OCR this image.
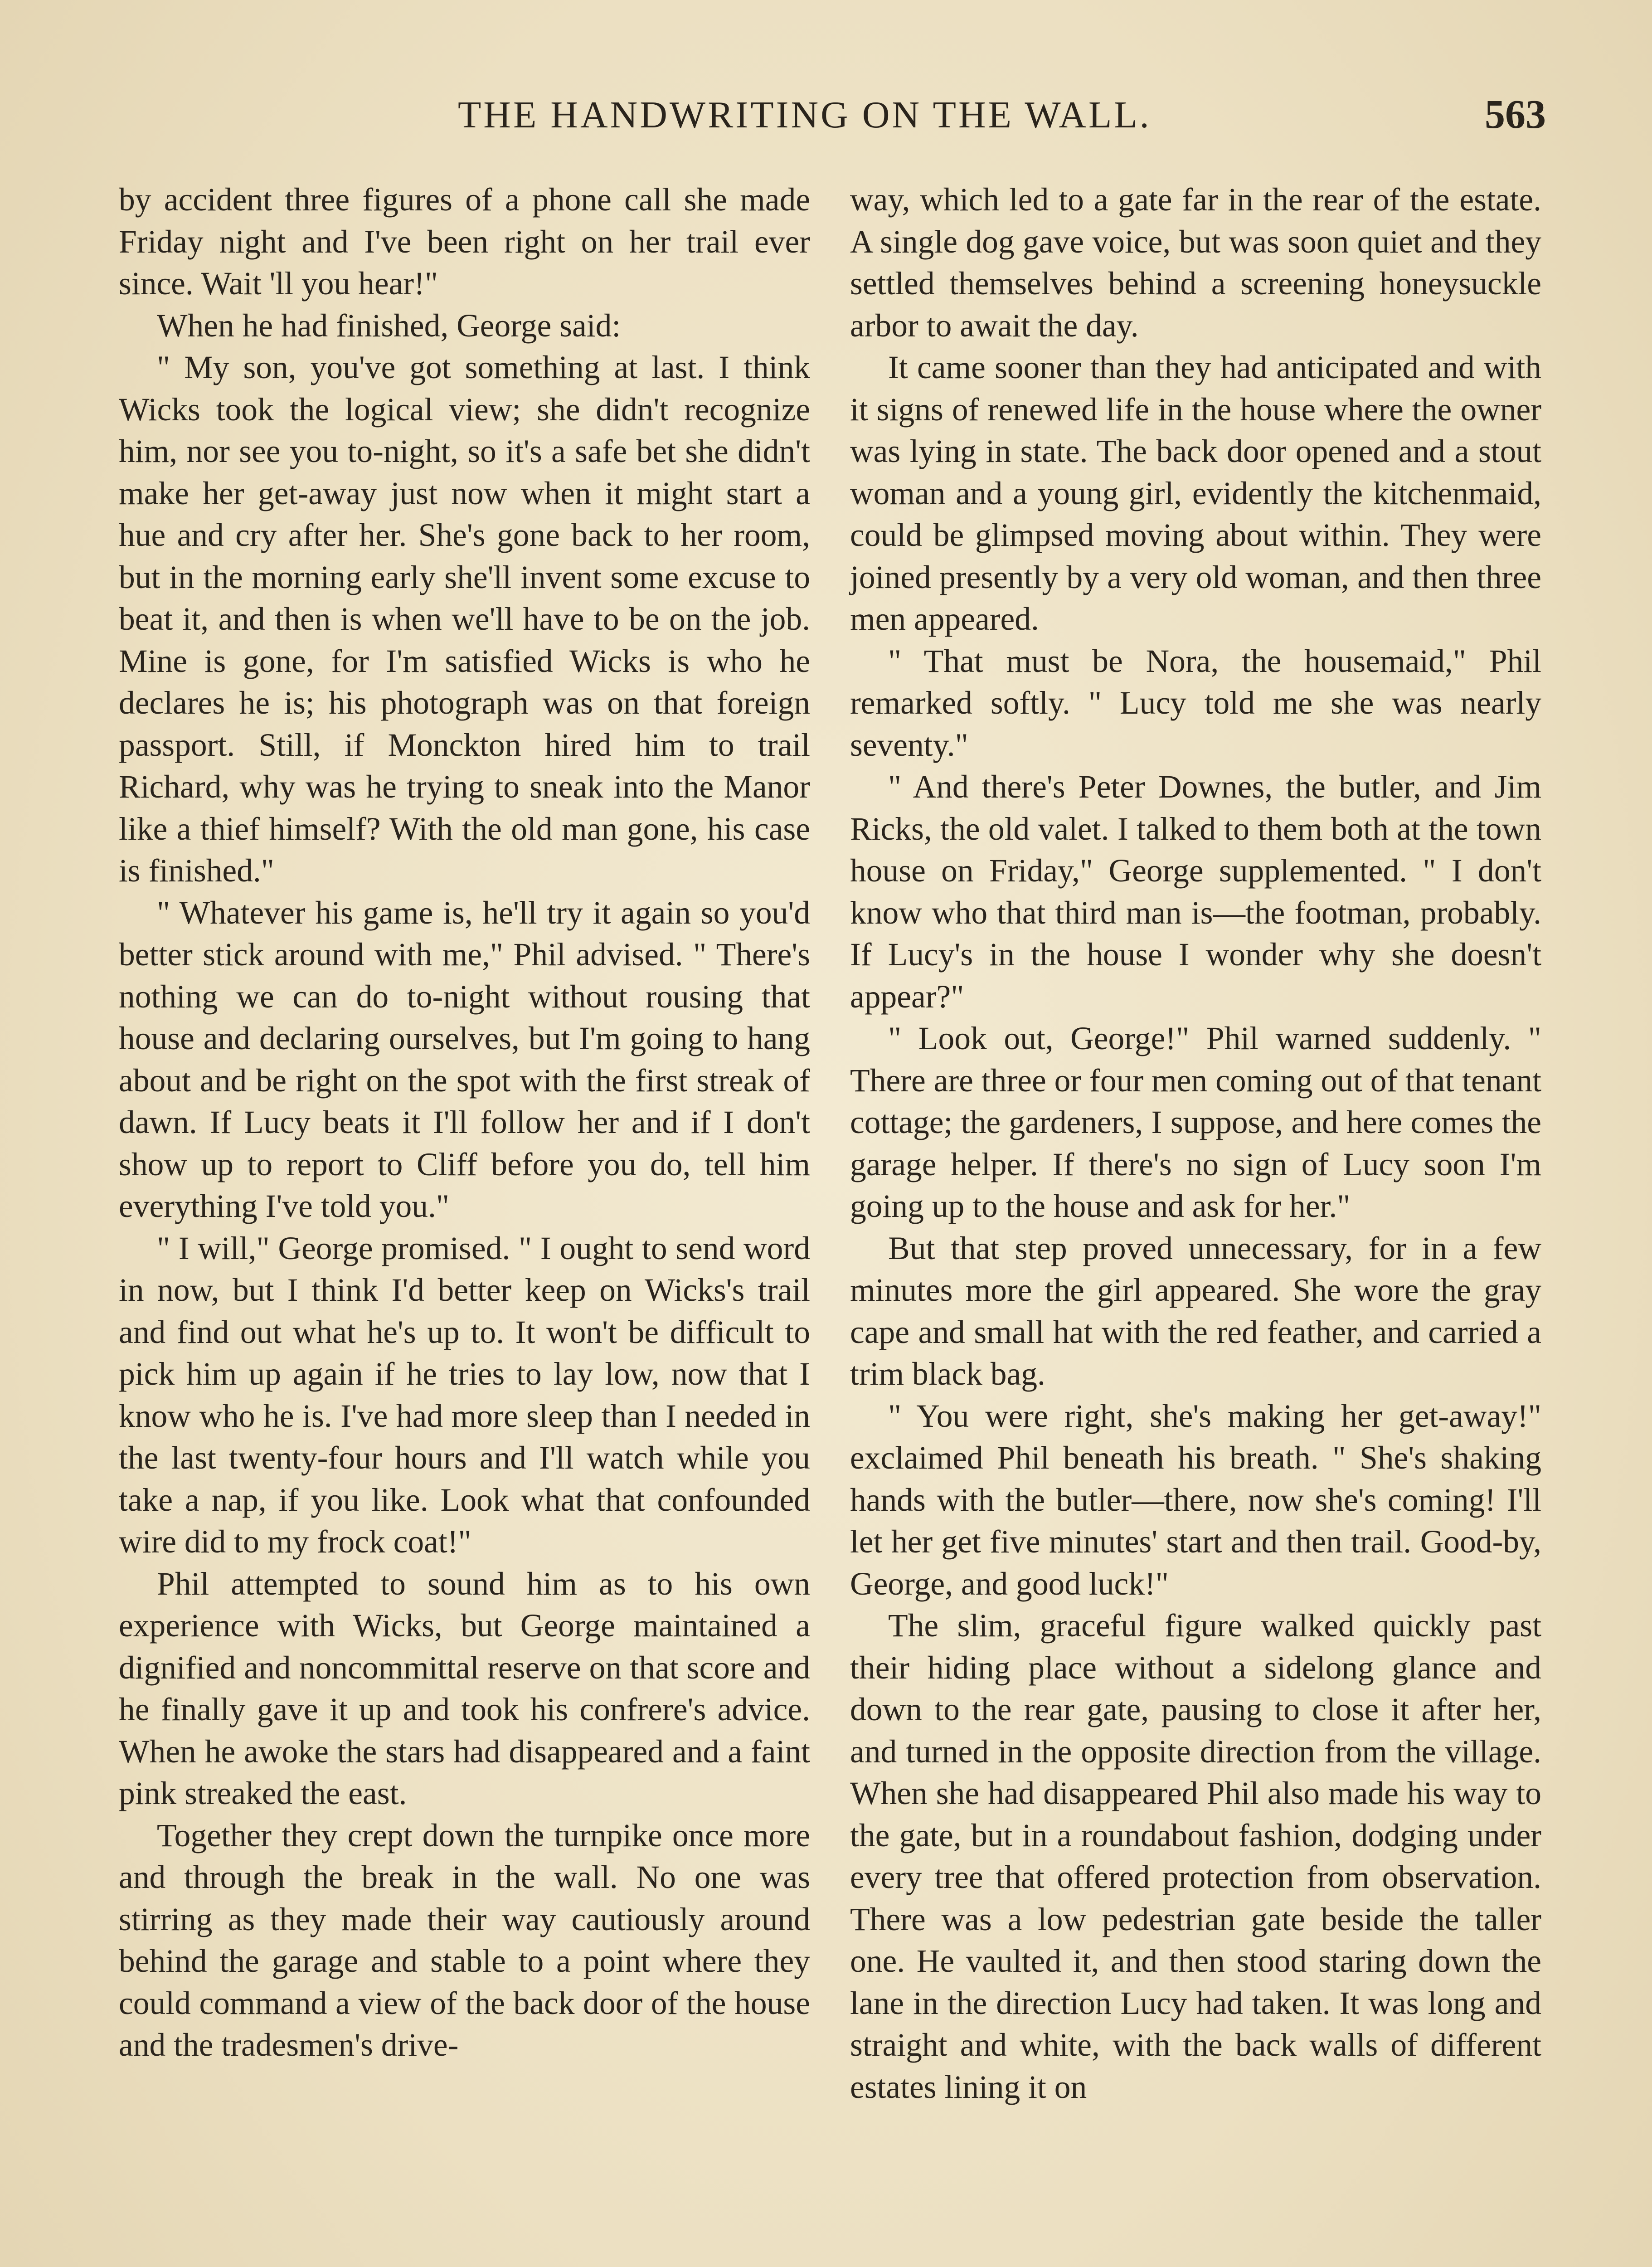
THE HANDWRITING ON THE WALL.	563

by accident three figures of a phone call she made Friday night and I've been right on her trail ever since. Wait 'll you hear!"

When he had finished, George said:

" My son, you've got something at last. I think Wicks took the logical view; she didn't recognize him, nor see you to-night, so it's a safe bet she didn't make her get-away just now when it might start a hue and cry after her. She's gone back to her room, but in the morning early she'll invent some excuse to beat it, and then is when we'll have to be on the job. Mine is gone, for I'm satisfied Wicks is who he declares he is; his photograph was on that foreign passport. Still, if Monckton hired him to trail Richard, why was he trying to sneak into the Manor like a thief himself? With the old man gone, his case is finished."

" Whatever his game is, he'll try it again so you'd better stick around with me," Phil advised. " There's nothing we can do to-night without rousing that house and declaring ourselves, but I'm going to hang about and be right on the spot with the first streak of dawn. If Lucy beats it I'll follow her and if I don't show up to report to Cliff before you do, tell him everything I've told you."

" I will," George promised. " I ought to send word in now, but I think I'd better keep on Wicks's trail and find out what he's up to. It won't be difficult to pick him up again if he tries to lay low, now that I know who he is. I've had more sleep than I needed in the last twenty-four hours and I'll watch while you take a nap, if you like. Look what that confounded wire did to my frock coat!"

Phil attempted to sound him as to his own experience with Wicks, but George maintained a dignified and noncommittal reserve on that score and he finally gave it up and took his confrere's advice. When he awoke the stars had disappeared and a faint pink streaked the east.

Together they crept down the turnpike once more and through the break in the wall. No one was stirring as they made their way cautiously around behind the garage and stable to a point where they could command a view of the back door of the house and the tradesmen's drive-

way, which led to a gate far in the rear of the estate. A single dog gave voice, but was soon quiet and they settled themselves behind a screening honeysuckle arbor to await the day.

It came sooner than they had anticipated and with it signs of renewed life in the house where the owner was lying in state. The back door opened and a stout woman and a young girl, evidently the kitchenmaid, could be glimpsed moving about within. They were joined presently by a very old woman, and then three men appeared.

" That must be Nora, the housemaid," Phil remarked softly. " Lucy told me she was nearly seventy."

" And there's Peter Downes, the butler, and Jim Ricks, the old valet. I talked to them both at the town house on Friday," George supplemented. " I don't know who that third man is—the footman, probably. If Lucy's in the house I wonder why she doesn't appear?"

" Look out, George!" Phil warned suddenly. " There are three or four men coming out of that tenant cottage; the gardeners, I suppose, and here comes the garage helper. If there's no sign of Lucy soon I'm going up to the house and ask for her."

But that step proved unnecessary, for in a few minutes more the girl appeared. She wore the gray cape and small hat with the red feather, and carried a trim black bag.

" You were right, she's making her get-away!" exclaimed Phil beneath his breath. " She's shaking hands with the butler—there, now she's coming! I'll let her get five minutes' start and then trail. Good-by, George, and good luck!"

The slim, graceful figure walked quickly past their hiding place without a sidelong glance and down to the rear gate, pausing to close it after her, and turned in the opposite direction from the village. When she had disappeared Phil also made his way to the gate, but in a roundabout fashion, dodging under every tree that offered protection from observation. There was a low pedestrian gate beside the taller one. He vaulted it, and then stood staring down the lane in the direction Lucy had taken. It was long and straight and white, with the back walls of different estates lining it on
